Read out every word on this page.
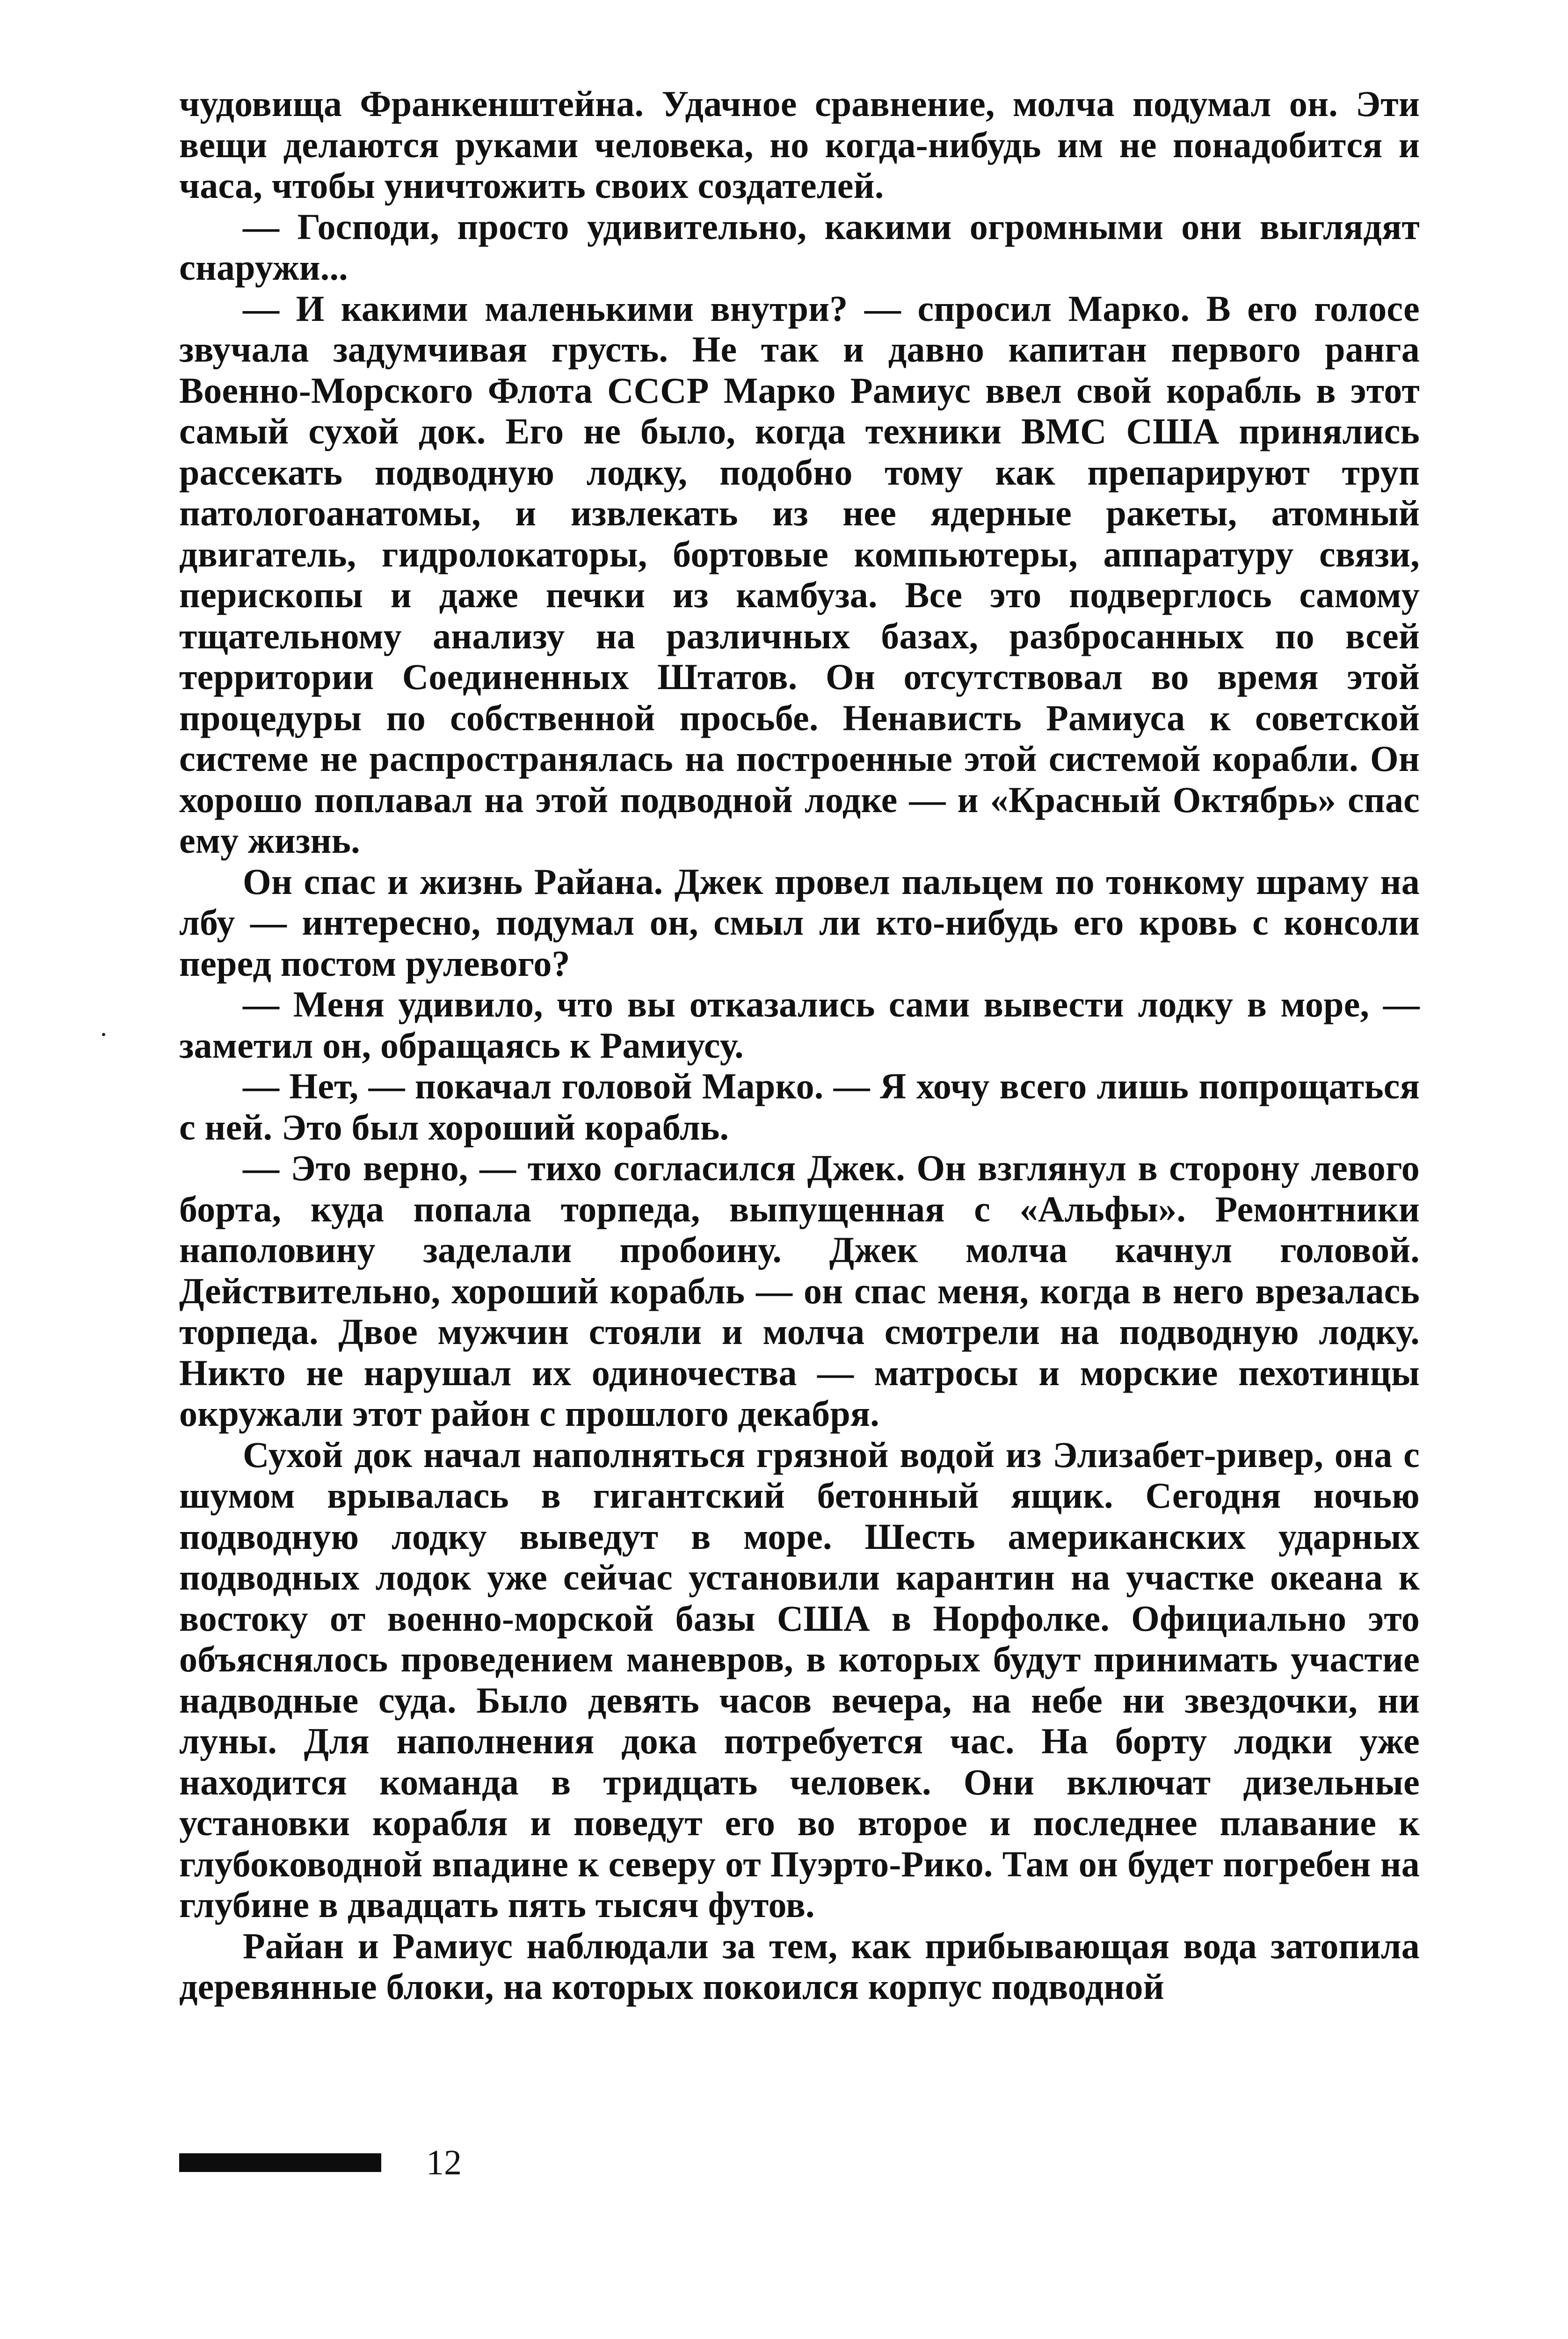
чудовища Франкенштейна. Удачное сравнение, молча подумал он. Эти вещи делаются руками человека, но когда-нибудь им не понадобится и часа, чтобы уничтожить своих создателей.

— Господи, просто удивительно, какими огромными они выглядят снаружи...

— И какими маленькими внутри? — спросил Марко. В его голосе звучала задумчивая грусть. Не так и давно капитан первого ранга Военно-Морского Флота СССР Марко Рамиус ввел свой корабль в этот самый сухой док. Его не было, когда техники ВМС США принялись рассекать подводную лодку, подобно тому как препарируют труп патологоанатомы, и извлекать из нее ядерные ракеты, атомный двигатель, гидролокаторы, бортовые компьютеры, аппаратуру связи, перископы и даже печки из камбуза. Все это подверглось самому тщательному анализу на различных базах, разбросанных по всей территории Соединенных Штатов. Он отсутствовал во время этой процедуры по собственной просьбе. Ненависть Рамиуса к советской системе не распространялась на построенные этой системой корабли. Он хорошо поплавал на этой подводной лодке — и «Красный Октябрь» спас ему жизнь.

Он спас и жизнь Райана. Джек провел пальцем по тонкому шраму на лбу — интересно, подумал он, смыл ли кто-нибудь его кровь с консоли перед постом рулевого?

— Меня удивило, что вы отказались сами вывести лодку в море, — заметил он, обращаясь к Рамиусу.

— Нет, — покачал головой Марко. — Я хочу всего лишь попрощаться с ней. Это был хороший корабль.

— Это верно, — тихо согласился Джек. Он взглянул в сторону левого борта, куда попала торпеда, выпущенная с «Альфы». Ремонтники наполовину заделали пробоину. Джек молча качнул головой. Действительно, хороший корабль — он спас меня, когда в него врезалась торпеда. Двое мужчин стояли и молча смотрели на подводную лодку. Никто не нарушал их одиночества — матросы и морские пехотинцы окружали этот район с прошлого декабря.

Сухой док начал наполняться грязной водой из Элизабет-ривер, она с шумом врывалась в гигантский бетонный ящик. Сегодня ночью подводную лодку выведут в море. Шесть американских ударных подводных лодок уже сейчас установили карантин на участке океана к востоку от военно-морской базы США в Норфолке. Официально это объяснялось проведением маневров, в которых будут принимать участие надводные суда. Было девять часов вечера, на небе ни звездочки, ни луны. Для наполнения дока потребуется час. На борту лодки уже находится команда в тридцать человек. Они включат дизельные установки корабля и поведут его во второе и последнее плавание к глубоководной впадине к северу от Пуэрто-Рико. Там он будет погребен на глубине в двадцать пять тысяч футов.

Райан и Рамиус наблюдали за тем, как прибывающая вода затопила деревянные блоки, на которых покоился корпус подводной

12
